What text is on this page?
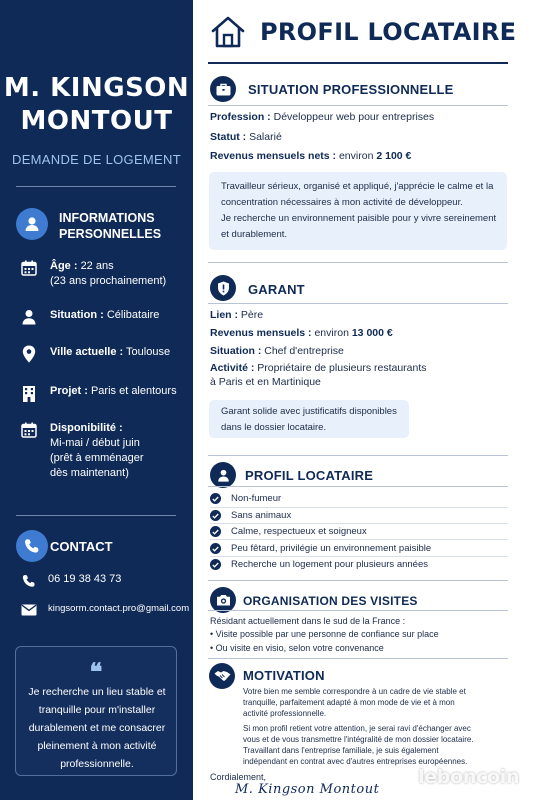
M. KINGSON
MONTOUT
DEMANDE DE LOGEMENT
INFORMATIONS
PERSONNELLES
Âge : 22 ans
(23 ans prochainement)
Situation : Célibataire
Ville actuelle : Toulouse
Projet : Paris et alentours
Disponibilité :
Mi-mai / début juin
(prêt à emménager
dès maintenant)
CONTACT
06 19 38 43 73
kingsorm.contact.pro@gmail.com
❝
Je recherche un lieu stable et tranquille pour m'installer durablement et me consacrer pleinement à mon activité professionnelle.
PROFIL LOCATAIRE
SITUATION PROFESSIONNELLE
Profession : Développeur web pour entreprises
Statut : Salarié
Revenus mensuels nets : environ 2 100 €
Travailleur sérieux, organisé et appliqué, j'apprécie le calme et la
concentration nécessaires à mon activité de développeur.
Je recherche un environnement paisible pour y vivre sereinement
et durablement.
GARANT
Lien : Père
Revenus mensuels : environ 13 000 €
Situation : Chef d'entreprise
Activité : Propriétaire de plusieurs restaurants
à Paris et en Martinique
Garant solide avec justificatifs disponibles
dans le dossier locataire.
PROFIL LOCATAIRE
Non-fumeur
Sans animaux
Calme, respectueux et soigneux
Peu fêtard, privilégie un environnement paisible
Recherche un logement pour plusieurs années
ORGANISATION DES VISITES
Résidant actuellement dans le sud de la France :
• Visite possible par une personne de confiance sur place
• Ou visite en visio, selon votre convenance
MOTIVATION
Votre bien me semble correspondre à un cadre de vie stable et
tranquille, parfaitement adapté à mon mode de vie et à mon
activité professionnelle.
Si mon profil retient votre attention, je serai ravi d'échanger avec
vous et de vous transmettre l'intégralité de mon dossier locataire.
Travaillant dans l'entreprise familiale, je suis également
indépendant en contrat avec d'autres entreprises européennes.
Cordialement,
M. Kingson Montout
leboncoin
